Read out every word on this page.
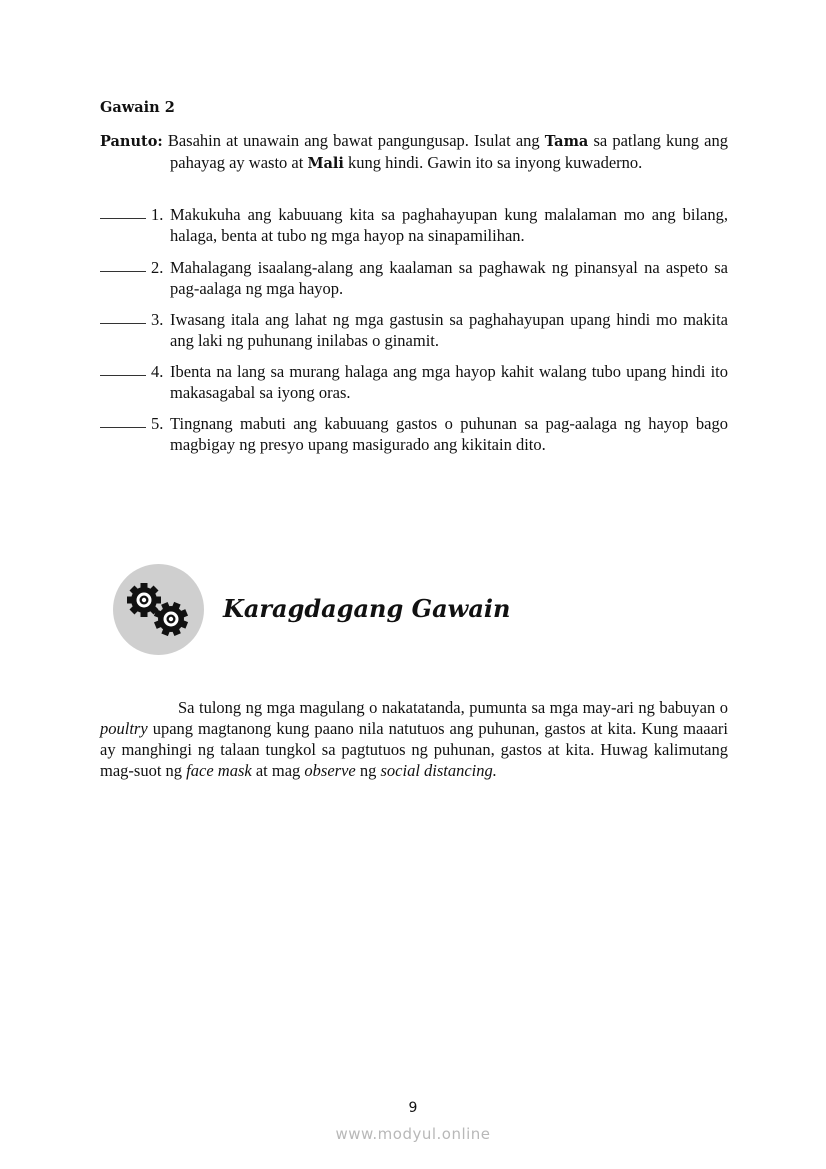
Gawain 2
Panuto: Basahin at unawain ang bawat pangungusap. Isulat ang Tama sa patlang kung ang pahayag ay wasto at Mali kung hindi. Gawin ito sa inyong kuwaderno.
1. Makukuha ang kabuuang kita sa paghahayupan kung malalaman mo ang bilang, halaga, benta at tubo ng mga hayop na sinapamilihan.
2. Mahalagang isaalang-alang ang kaalaman sa paghawak ng pinansyal na aspeto sa pag-aalaga ng mga hayop.
3. Iwasang itala ang lahat ng mga gastusin sa paghahayupan upang hindi mo makita ang laki ng puhunang inilabas o ginamit.
4. Ibenta na lang sa murang halaga ang mga hayop kahit walang tubo upang hindi ito makasagabal sa iyong oras.
5. Tingnang mabuti ang kabuuang gastos o puhunan sa pag-aalaga ng hayop bago magbigay ng presyo upang masigurado ang kikitain dito.
Karagdagang Gawain
Sa tulong ng mga magulang o nakatatanda, pumunta sa mga may-ari ng babuyan o poultry upang magtanong kung paano nila natutuos ang puhunan, gastos at kita. Kung maaari ay manghingi ng talaan tungkol sa pagtutuos ng puhunan, gastos at kita. Huwag kalimutang mag-suot ng face mask at mag observe ng social distancing.
9
www.modyul.online
